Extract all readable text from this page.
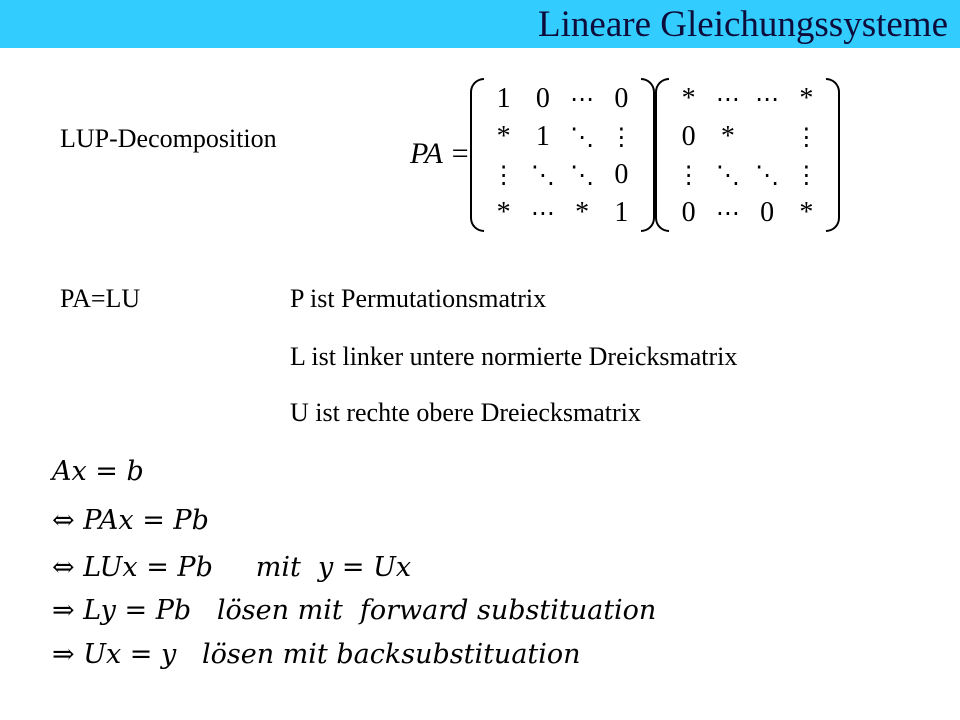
Lineare Gleichungssysteme
LUP-Decomposition	PA =
1 0 ⋯ 0
* 1 ⋱ ⋮
⋮ ⋱ ⋱ 0
* ⋯ * 1
* ⋯ ⋯ *
0 *	⋮
⋮ ⋱ ⋱ ⋮
0 ⋯ 0 *
PA=LU	P ist Permutationsmatrix
L ist linker untere normierte Dreicksmatrix
U ist rechte obere Dreiecksmatrix
Ax = b
⇔ PAx = Pb
⇔ LUx = Pb     mit  y = Ux
⇒ Ly = Pb   lösen mit  forward substituation
⇒ Ux = y   lösen mit backsubstituation
